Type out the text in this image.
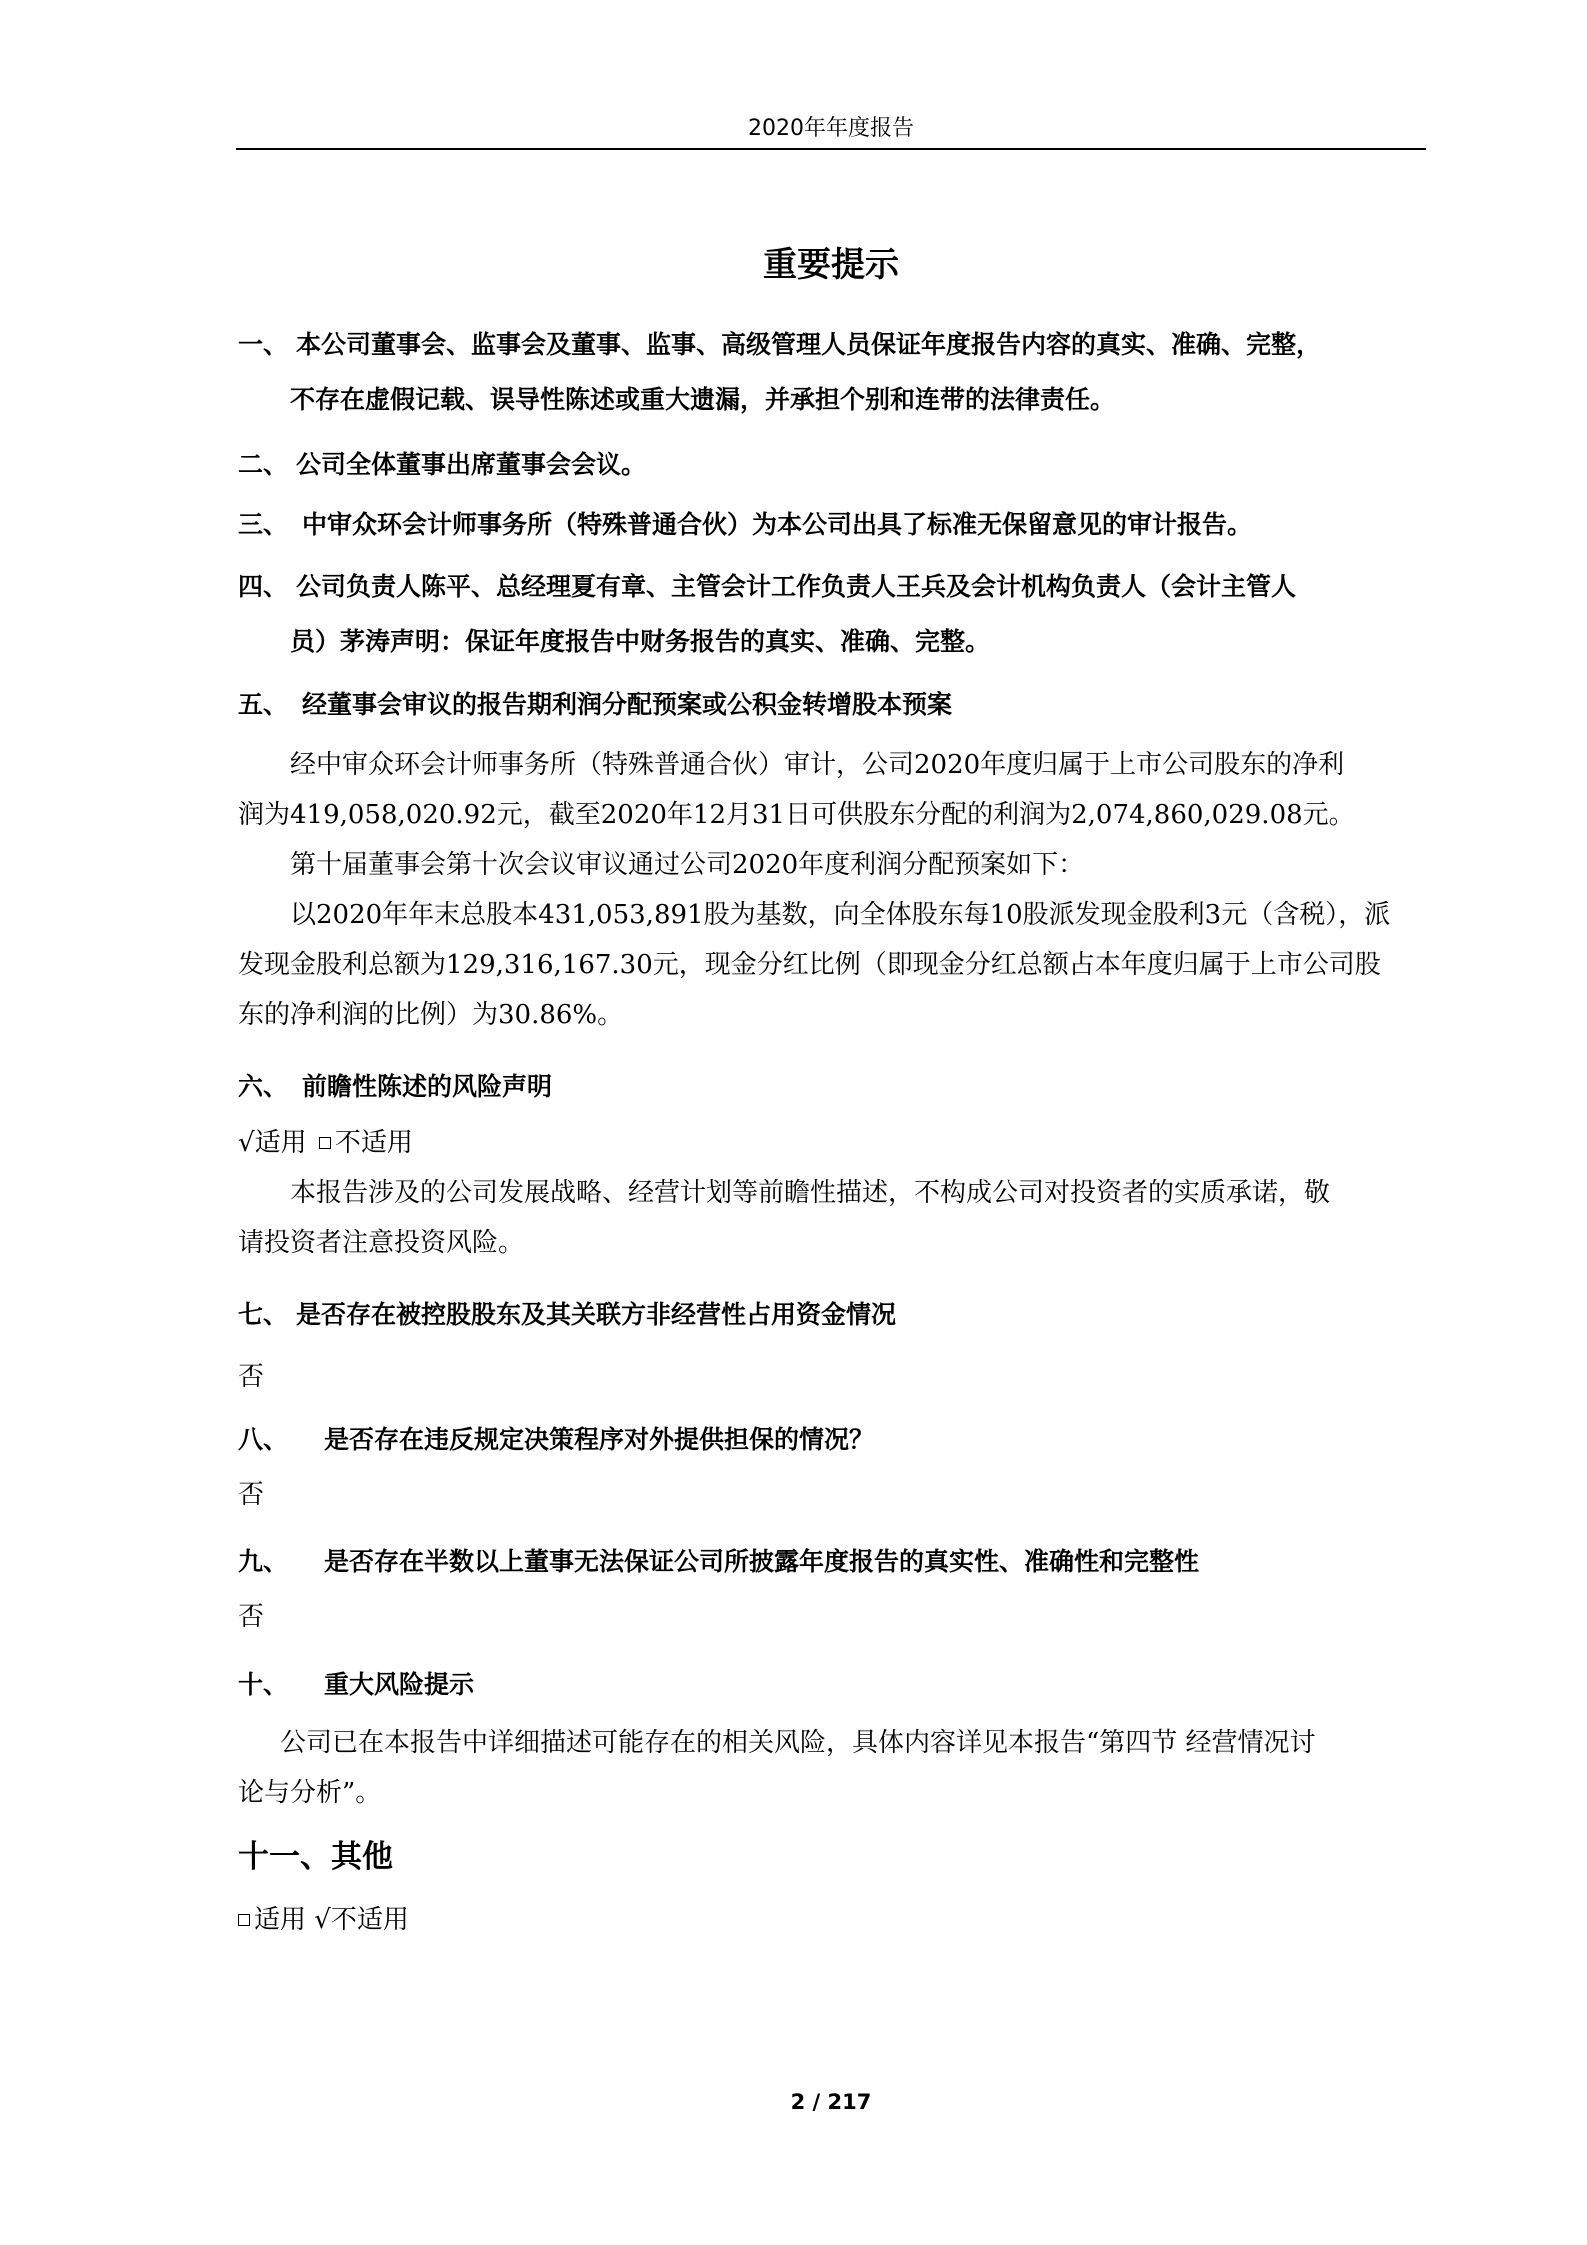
2020年年度报告
重要提示
一、 本公司董事会、监事会及董事、监事、高级管理人员保证年度报告内容的真实、准确、完整，
不存在虚假记载、误导性陈述或重大遗漏，并承担个别和连带的法律责任。
二、 公司全体董事出席董事会会议。
三、 中审众环会计师事务所（特殊普通合伙）为本公司出具了标准无保留意见的审计报告。
四、 公司负责人陈平、总经理夏有章、主管会计工作负责人王兵及会计机构负责人（会计主管人
员）茅涛声明：保证年度报告中财务报告的真实、准确、完整。
五、 经董事会审议的报告期利润分配预案或公积金转增股本预案
经中审众环会计师事务所（特殊普通合伙）审计，公司2020年度归属于上市公司股东的净利
润为419,058,020.92元，截至2020年12月31日可供股东分配的利润为2,074,860,029.08元。
第十届董事会第十次会议审议通过公司2020年度利润分配预案如下：
以2020年年末总股本431,053,891股为基数，向全体股东每10股派发现金股利3元（含税），派
发现金股利总额为129,316,167.30元，现金分红比例（即现金分红总额占本年度归属于上市公司股
东的净利润的比例）为30.86%。
六、 前瞻性陈述的风险声明
√适用 不适用
本报告涉及的公司发展战略、经营计划等前瞻性描述，不构成公司对投资者的实质承诺，敬
请投资者注意投资风险。
七、 是否存在被控股股东及其关联方非经营性占用资金情况
否
八、 是否存在违反规定决策程序对外提供担保的情况？
否
九、 是否存在半数以上董事无法保证公司所披露年度报告的真实性、准确性和完整性
否
十、 重大风险提示
公司已在本报告中详细描述可能存在的相关风险，具体内容详见本报告“第四节 经营情况讨
论与分析”。
十一、其他
适用 √不适用
2 / 217
